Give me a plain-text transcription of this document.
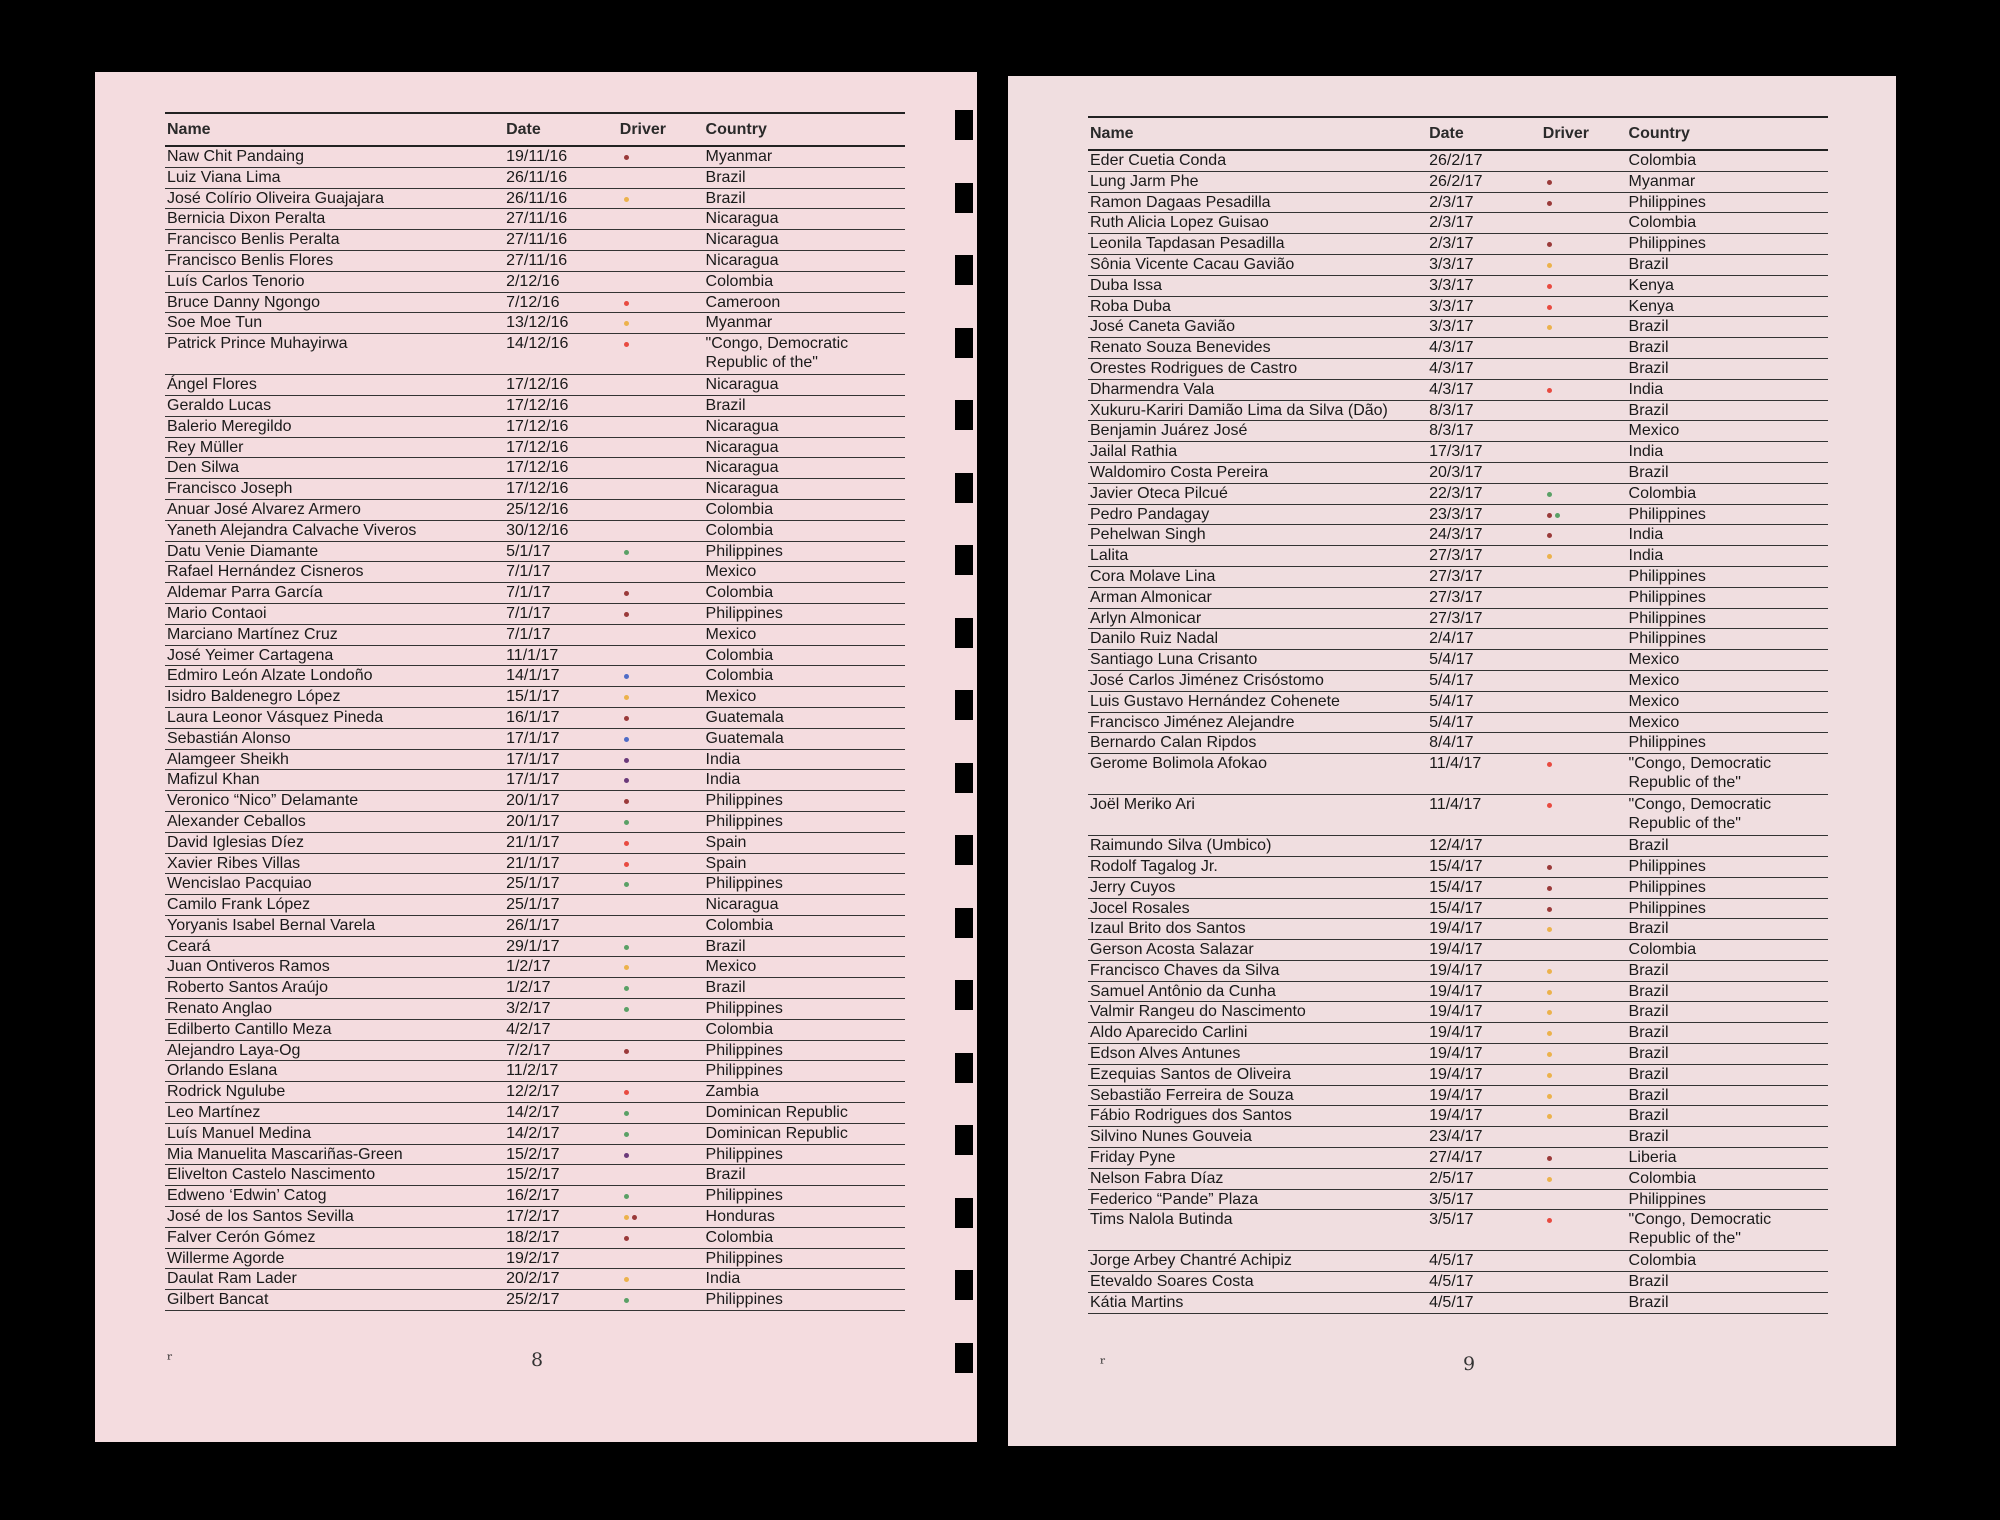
Name	Date	Driver	Country
Naw Chit Pandaing	19/11/16	Myanmar
Luiz Viana Lima	26/11/16	Brazil
José Colírio Oliveira Guajajara	26/11/16	Brazil
Bernicia Dixon Peralta	27/11/16	Nicaragua
Francisco Benlis Peralta	27/11/16	Nicaragua
Francisco Benlis Flores	27/11/16	Nicaragua
Luís Carlos Tenorio	2/12/16	Colombia
Bruce Danny Ngongo	7/12/16	Cameroon
Soe Moe Tun	13/12/16	Myanmar
Patrick Prince Muhayirwa	14/12/16	"Congo, Democratic
Republic of the"
Ángel Flores	17/12/16	Nicaragua
Geraldo Lucas	17/12/16	Brazil
Balerio Meregildo	17/12/16	Nicaragua
Rey Müller	17/12/16	Nicaragua
Den Silwa	17/12/16	Nicaragua
Francisco Joseph	17/12/16	Nicaragua
Anuar José Alvarez Armero	25/12/16	Colombia
Yaneth Alejandra Calvache Viveros	30/12/16	Colombia
Datu Venie Diamante	5/1/17	Philippines
Rafael Hernández Cisneros	7/1/17	Mexico
Aldemar Parra García	7/1/17	Colombia
Mario Contaoi	7/1/17	Philippines
Marciano Martínez Cruz	7/1/17	Mexico
José Yeimer Cartagena	11/1/17	Colombia
Edmiro León Alzate Londoño	14/1/17	Colombia
Isidro Baldenegro López	15/1/17	Mexico
Laura Leonor Vásquez Pineda	16/1/17	Guatemala
Sebastián Alonso	17/1/17	Guatemala
Alamgeer Sheikh	17/1/17	India
Mafizul Khan	17/1/17	India
Veronico “Nico” Delamante	20/1/17	Philippines
Alexander Ceballos	20/1/17	Philippines
David Iglesias Díez	21/1/17	Spain
Xavier Ribes Villas	21/1/17	Spain
Wencislao Pacquiao	25/1/17	Philippines
Camilo Frank López	25/1/17	Nicaragua
Yoryanis Isabel Bernal Varela	26/1/17	Colombia
Ceará	29/1/17	Brazil
Juan Ontiveros Ramos	1/2/17	Mexico
Roberto Santos Araújo	1/2/17	Brazil
Renato Anglao	3/2/17	Philippines
Edilberto Cantillo Meza	4/2/17	Colombia
Alejandro Laya-Og	7/2/17	Philippines
Orlando Eslana	11/2/17	Philippines
Rodrick Ngulube	12/2/17	Zambia
Leo Martínez	14/2/17	Dominican Republic
Luís Manuel Medina	14/2/17	Dominican Republic
Mia Manuelita Mascariñas-Green	15/2/17	Philippines
Elivelton Castelo Nascimento	15/2/17	Brazil
Edweno ‘Edwin’ Catog	16/2/17	Philippines
José de los Santos Sevilla	17/2/17	Honduras
Falver Cerón Gómez	18/2/17	Colombia
Willerme Agorde	19/2/17	Philippines
Daulat Ram Lader	20/2/17	India
Gilbert Bancat	25/2/17	Philippines
ʳ	8
Name	Date	Driver	Country
Eder Cuetia Conda	26/2/17	Colombia
Lung Jarm Phe	26/2/17	Myanmar
Ramon Dagaas Pesadilla	2/3/17	Philippines
Ruth Alicia Lopez Guisao	2/3/17	Colombia
Leonila Tapdasan Pesadilla	2/3/17	Philippines
Sônia Vicente Cacau Gavião	3/3/17	Brazil
Duba Issa	3/3/17	Kenya
Roba Duba	3/3/17	Kenya
José Caneta Gavião	3/3/17	Brazil
Renato Souza Benevides	4/3/17	Brazil
Orestes Rodrigues de Castro	4/3/17	Brazil
Dharmendra Vala	4/3/17	India
Xukuru-Kariri Damião Lima da Silva (Dão)	8/3/17	Brazil
Benjamin Juárez José	8/3/17	Mexico
Jailal Rathia	17/3/17	India
Waldomiro Costa Pereira	20/3/17	Brazil
Javier Oteca Pilcué	22/3/17	Colombia
Pedro Pandagay	23/3/17	Philippines
Pehelwan Singh	24/3/17	India
Lalita	27/3/17	India
Cora Molave Lina	27/3/17	Philippines
Arman Almonicar	27/3/17	Philippines
Arlyn Almonicar	27/3/17	Philippines
Danilo Ruiz Nadal	2/4/17	Philippines
Santiago Luna Crisanto	5/4/17	Mexico
José Carlos Jiménez Crisóstomo	5/4/17	Mexico
Luis Gustavo Hernández Cohenete	5/4/17	Mexico
Francisco Jiménez Alejandre	5/4/17	Mexico
Bernardo Calan Ripdos	8/4/17	Philippines
Gerome Bolimola Afokao	11/4/17	"Congo, Democratic
Republic of the"
Joël Meriko Ari	11/4/17	"Congo, Democratic
Republic of the"
Raimundo Silva (Umbico)	12/4/17	Brazil
Rodolf Tagalog Jr.	15/4/17	Philippines
Jerry Cuyos	15/4/17	Philippines
Jocel Rosales	15/4/17	Philippines
Izaul Brito dos Santos	19/4/17	Brazil
Gerson Acosta Salazar	19/4/17	Colombia
Francisco Chaves da Silva	19/4/17	Brazil
Samuel Antônio da Cunha	19/4/17	Brazil
Valmir Rangeu do Nascimento	19/4/17	Brazil
Aldo Aparecido Carlini	19/4/17	Brazil
Edson Alves Antunes	19/4/17	Brazil
Ezequias Santos de Oliveira	19/4/17	Brazil
Sebastião Ferreira de Souza	19/4/17	Brazil
Fábio Rodrigues dos Santos	19/4/17	Brazil
Silvino Nunes Gouveia	23/4/17	Brazil
Friday Pyne	27/4/17	Liberia
Nelson Fabra Díaz	2/5/17	Colombia
Federico “Pande” Plaza	3/5/17	Philippines
Tims Nalola Butinda	3/5/17	"Congo, Democratic
Republic of the"
Jorge Arbey Chantré Achipiz	4/5/17	Colombia
Etevaldo Soares Costa	4/5/17	Brazil
Kátia Martins	4/5/17	Brazil
ʳ	9
